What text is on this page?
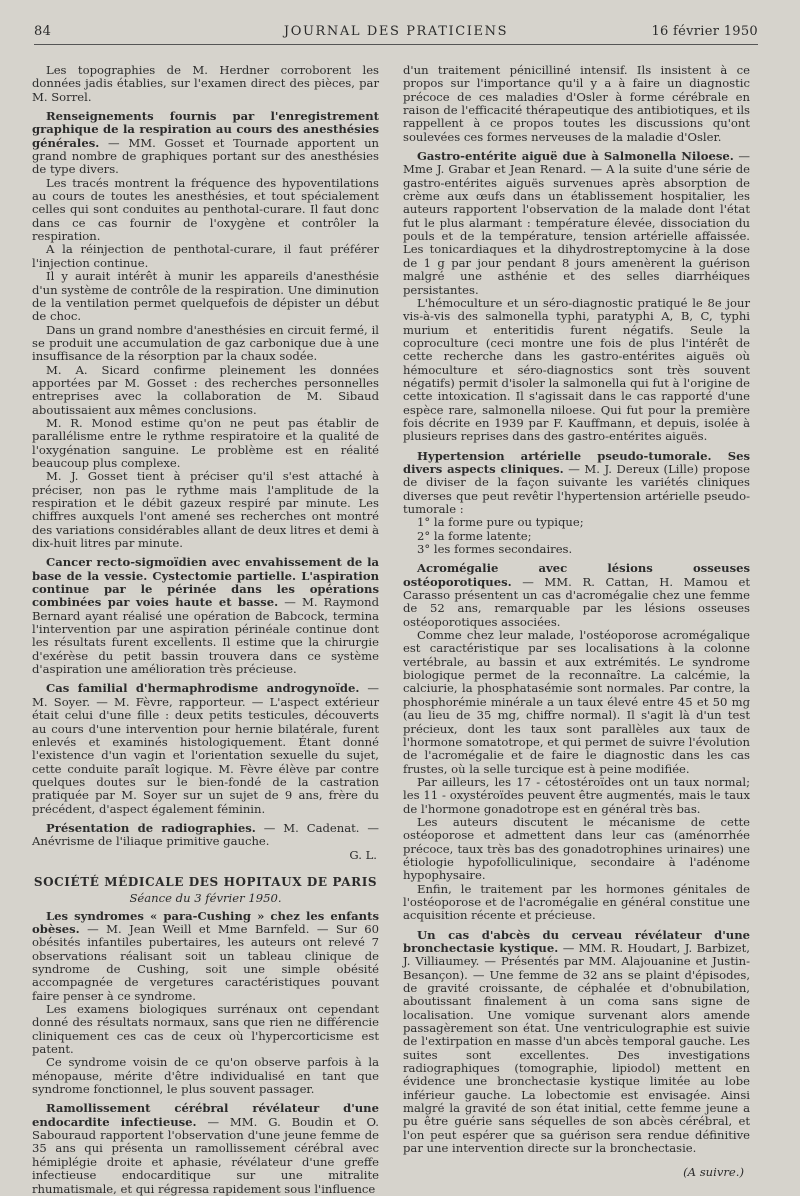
84	JOURNAL DES PRATICIENS	16 février 1950

Les topographies de M. Herdner corroborent les données jadis établies, sur l'examen direct des pièces, par M. Sorrel.

Renseignements fournis par l'enregistrement graphique de la respiration au cours des anesthésies générales. — MM. Gosset et Tournade apportent un grand nombre de graphiques portant sur des anesthésies de type divers.

Les tracés montrent la fréquence des hypoventilations au cours de toutes les anesthésies, et tout spécialement celles qui sont conduites au penthotal-curare. Il faut donc dans ce cas fournir de l'oxygène et contrôler la respiration.

A la réinjection de penthotal-curare, il faut préférer l'injection continue.

Il y aurait intérêt à munir les appareils d'anesthésie d'un système de contrôle de la respiration. Une diminution de la ventilation permet quelquefois de dépister un début de choc.

Dans un grand nombre d'anesthésies en circuit fermé, il se produit une accumulation de gaz carbonique due à une insuffisance de la résorption par la chaux sodée.

M. A. Sicard confirme pleinement les données apportées par M. Gosset : des recherches personnelles entreprises avec la collaboration de M. Sibaud aboutissaient aux mêmes conclusions.

M. R. Monod estime qu'on ne peut pas établir de parallélisme entre le rythme respiratoire et la qualité de l'oxygénation sanguine. Le problème est en réalité beaucoup plus complexe.

M. J. Gosset tient à préciser qu'il s'est attaché à préciser, non pas le rythme mais l'amplitude de la respiration et le débit gazeux respiré par minute. Les chiffres auxquels l'ont amené ses recherches ont montré des variations considérables allant de deux litres et demi à dix-huit litres par minute.

Cancer recto-sigmoïdien avec envahissement de la base de la vessie. Cystectomie partielle. L'aspiration continue par le périnée dans les opérations combinées par voies haute et basse. — M. Raymond Bernard ayant réalisé une opération de Babcock, termina l'intervention par une aspiration périnéale continue dont les résultats furent excellents. Il estime que la chirurgie d'exérèse du petit bassin trouvera dans ce système d'aspiration une amélioration très précieuse.

Cas familial d'hermaphrodisme androgynoïde. — M. Soyer. — M. Fèvre, rapporteur. — L'aspect extérieur était celui d'une fille : deux petits testicules, découverts au cours d'une intervention pour hernie bilatérale, furent enlevés et examinés histologiquement. Étant donné l'existence d'un vagin et l'orientation sexuelle du sujet, cette conduite paraît logique. M. Fèvre élève par contre quelques doutes sur le bien-fondé de la castration pratiquée par M. Soyer sur un sujet de 9 ans, frère du précédent, d'aspect également féminin.

Présentation de radiographies. — M. Cadenat. — Anévrisme de l'iliaque primitive gauche.

G. L.

SOCIÉTÉ MÉDICALE DES HOPITAUX DE PARIS
Séance du 3 février 1950.

Les syndromes « para-Cushing » chez les enfants obèses. — M. Jean Weill et Mme Barnfeld. — Sur 60 obésités infantiles pubertaires, les auteurs ont relevé 7 observations réalisant soit un tableau clinique de syndrome de Cushing, soit une simple obésité accompagnée de vergetures caractéristiques pouvant faire penser à ce syndrome.

Les examens biologiques surrénaux ont cependant donné des résultats normaux, sans que rien ne différencie cliniquement ces cas de ceux où l'hypercorticisme est patent.

Ce syndrome voisin de ce qu'on observe parfois à la ménopause, mérite d'être individualisé en tant que syndrome fonctionnel, le plus souvent passager.

Ramollissement cérébral révélateur d'une endocardite infectieuse. — MM. G. Boudin et O. Sabouraud rapportent l'observation d'une jeune femme de 35 ans qui présenta un ramollissement cérébral avec hémiplégie droite et aphasie, révélateur d'une greffe infectieuse endocarditique sur une mitralite rhumatismale, et qui régressa rapidement sous l'influence

d'un traitement pénicilliné intensif. Ils insistent à ce propos sur l'importance qu'il y a à faire un diagnostic précoce de ces maladies d'Osler à forme cérébrale en raison de l'efficacité thérapeutique des antibiotiques, et ils rappellent à ce propos toutes les discussions qu'ont soulevées ces formes nerveuses de la maladie d'Osler.

Gastro-entérite aiguë due à Salmonella Niloese. — Mme J. Grabar et Jean Renard. — A la suite d'une série de gastro-entérites aiguës survenues après absorption de crème aux œufs dans un établissement hospitalier, les auteurs rapportent l'observation de la malade dont l'état fut le plus alarmant : température élevée, dissociation du pouls et de la température, tension artérielle affaissée. Les tonicardiaques et la dihydrostreptomycine à la dose de 1 g par jour pendant 8 jours amenèrent la guérison malgré une asthénie et des selles diarrhéiques persistantes.

L'hémoculture et un séro-diagnostic pratiqué le 8e jour vis-à-vis des salmonella typhi, paratyphi A, B, C, typhi murium et enteritidis furent négatifs. Seule la coproculture (ceci montre une fois de plus l'intérêt de cette recherche dans les gastro-entérites aiguës où hémoculture et séro-diagnostics sont très souvent négatifs) permit d'isoler la salmonella qui fut à l'origine de cette intoxication. Il s'agissait dans le cas rapporté d'une espèce rare, salmonella niloese. Qui fut pour la première fois décrite en 1939 par F. Kauffmann, et depuis, isolée à plusieurs reprises dans des gastro-entérites aiguës.

Hypertension artérielle pseudo-tumorale. Ses divers aspects cliniques. — M. J. Dereux (Lille) propose de diviser de la façon suivante les variétés cliniques diverses que peut revêtir l'hypertension artérielle pseudo-tumorale :

1° la forme pure ou typique;

2° la forme latente;

3° les formes secondaires.

Acromégalie avec lésions osseuses ostéoporotiques. — MM. R. Cattan, H. Mamou et Carasso présentent un cas d'acromégalie chez une femme de 52 ans, remarquable par les lésions osseuses ostéoporotiques associées.

Comme chez leur malade, l'ostéoporose acromégalique est caractéristique par ses localisations à la colonne vertébrale, au bassin et aux extrémités. Le syndrome biologique permet de la reconnaître. La calcémie, la calciurie, la phosphatasémie sont normales. Par contre, la phosphorémie minérale a un taux élevé entre 45 et 50 mg (au lieu de 35 mg, chiffre normal). Il s'agit là d'un test précieux, dont les taux sont parallèles aux taux de l'hormone somatotrope, et qui permet de suivre l'évolution de l'acromégalie et de faire le diagnostic dans les cas frustes, où la selle turcique est à peine modifiée.

Par ailleurs, les 17 - cétostéroïdes ont un taux normal; les 11 - oxystéroïdes peuvent être augmentés, mais le taux de l'hormone gonadotrope est en général très bas.

Les auteurs discutent le mécanisme de cette ostéoporose et admettent dans leur cas (aménorrhée précoce, taux très bas des gonadotrophines urinaires) une étiologie hypofolliculinique, secondaire à l'adénome hypophysaire.

Enfin, le traitement par les hormones génitales de l'ostéoporose et de l'acromégalie en général constitue une acquisition récente et précieuse.

Un cas d'abcès du cerveau révélateur d'une bronchectasie kystique. — MM. R. Houdart, J. Barbizet, J. Villiaumey. — Présentés par MM. Alajouanine et Justin-Besançon). — Une femme de 32 ans se plaint d'épisodes, de gravité croissante, de céphalée et d'obnubilation, aboutissant finalement à un coma sans signe de localisation. Une vomique survenant alors amende passagèrement son état. Une ventriculographie est suivie de l'extirpation en masse d'un abcès temporal gauche. Les suites sont excellentes. Des investigations radiographiques (tomographie, lipiodol) mettent en évidence une bronchectasie kystique limitée au lobe inférieur gauche. La lobectomie est envisagée. Ainsi malgré la gravité de son état initial, cette femme jeune a pu être guérie sans séquelles de son abcès cérébral, et l'on peut espérer que sa guérison sera rendue définitive par une intervention directe sur la bronchectasie.

(A suivre.)
